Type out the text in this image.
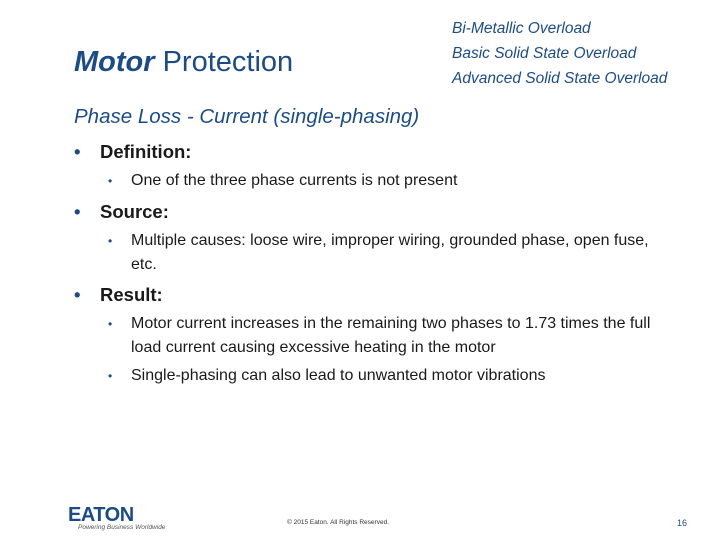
Motor Protection
Bi-Metallic Overload
Basic Solid State Overload
Advanced Solid State Overload
Phase Loss - Current (single-phasing)
• Definition:
•	One of the three phase currents is not present
• Source:
•	Multiple causes: loose wire, improper wiring, grounded phase, open fuse, etc.
• Result:
•	Motor current increases in the remaining two phases to 1.73 times the full load current causing excessive heating in the motor
•	Single-phasing can also lead to unwanted motor vibrations
EATON
Powering Business Worldwide
© 2015 Eaton. All Rights Reserved.	16
